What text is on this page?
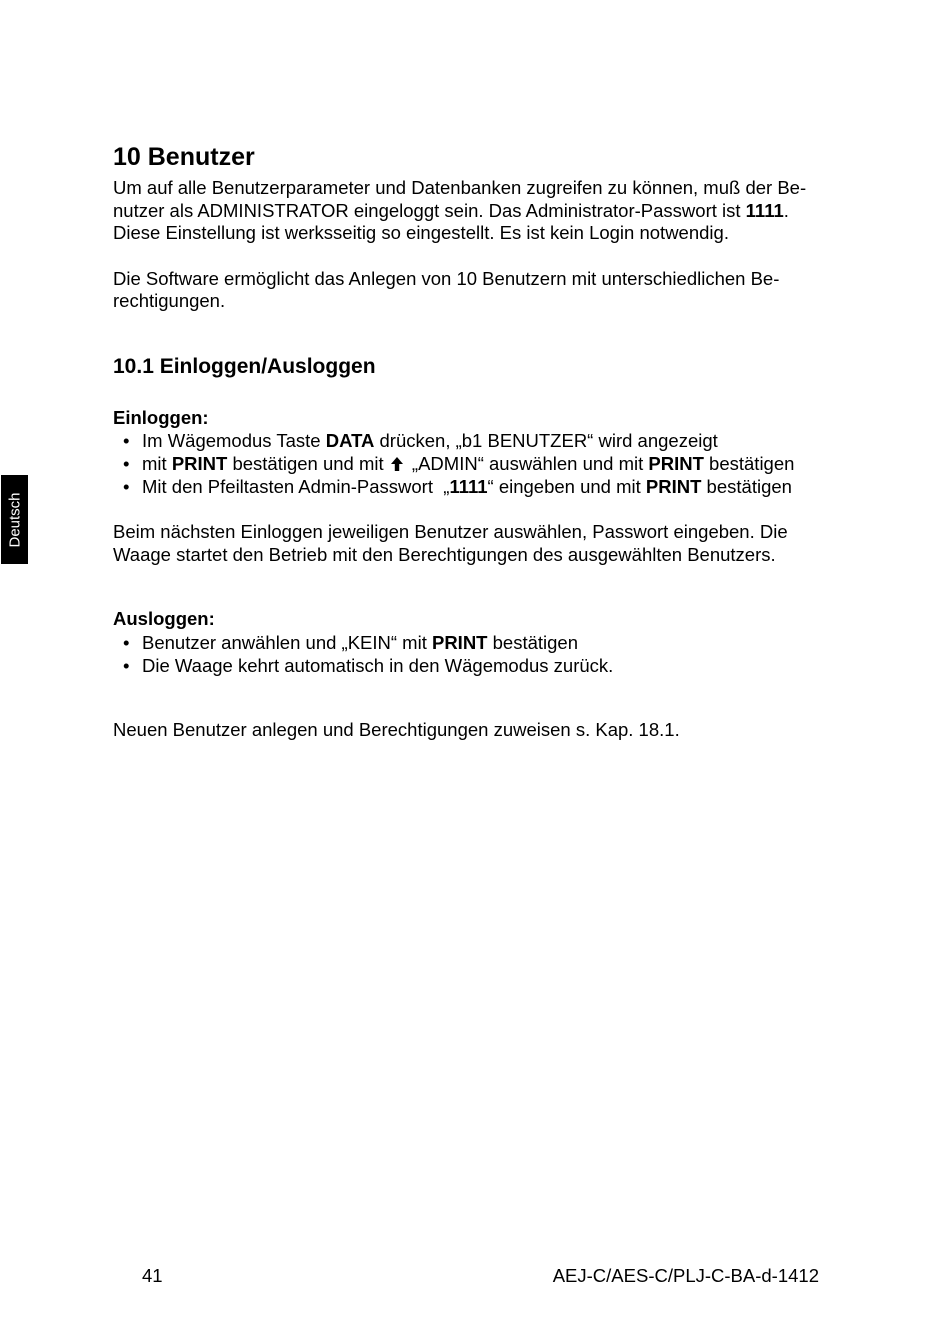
Deutsch
10 Benutzer

Um auf alle Benutzerparameter und Datenbanken zugreifen zu können, muß der Be-
nutzer als ADMINISTRATOR eingeloggt sein. Das Administrator-Passwort ist 1111.
Diese Einstellung ist werksseitig so eingestellt. Es ist kein Login notwendig.

Die Software ermöglicht das Anlegen von 10 Benutzern mit unterschiedlichen Be-
rechtigungen.

10.1 Einloggen/Ausloggen
Einloggen:
• Im Wägemodus Taste DATA drücken, „b1 BENUTZER“ wird angezeigt
• mit PRINT bestätigen und mit  „ADMIN“ auswählen und mit PRINT bestätigen
• Mit den Pfeiltasten Admin-Passwort  „1111“ eingeben und mit PRINT bestätigen

Beim nächsten Einloggen jeweiligen Benutzer auswählen, Passwort eingeben. Die
Waage startet den Betrieb mit den Berechtigungen des ausgewählten Benutzers.

Ausloggen:
• Benutzer anwählen und „KEIN“ mit PRINT bestätigen
• Die Waage kehrt automatisch in den Wägemodus zurück.

Neuen Benutzer anlegen und Berechtigungen zuweisen s. Kap. 18.1.

41	AEJ-C/AES-C/PLJ-C-BA-d-1412
